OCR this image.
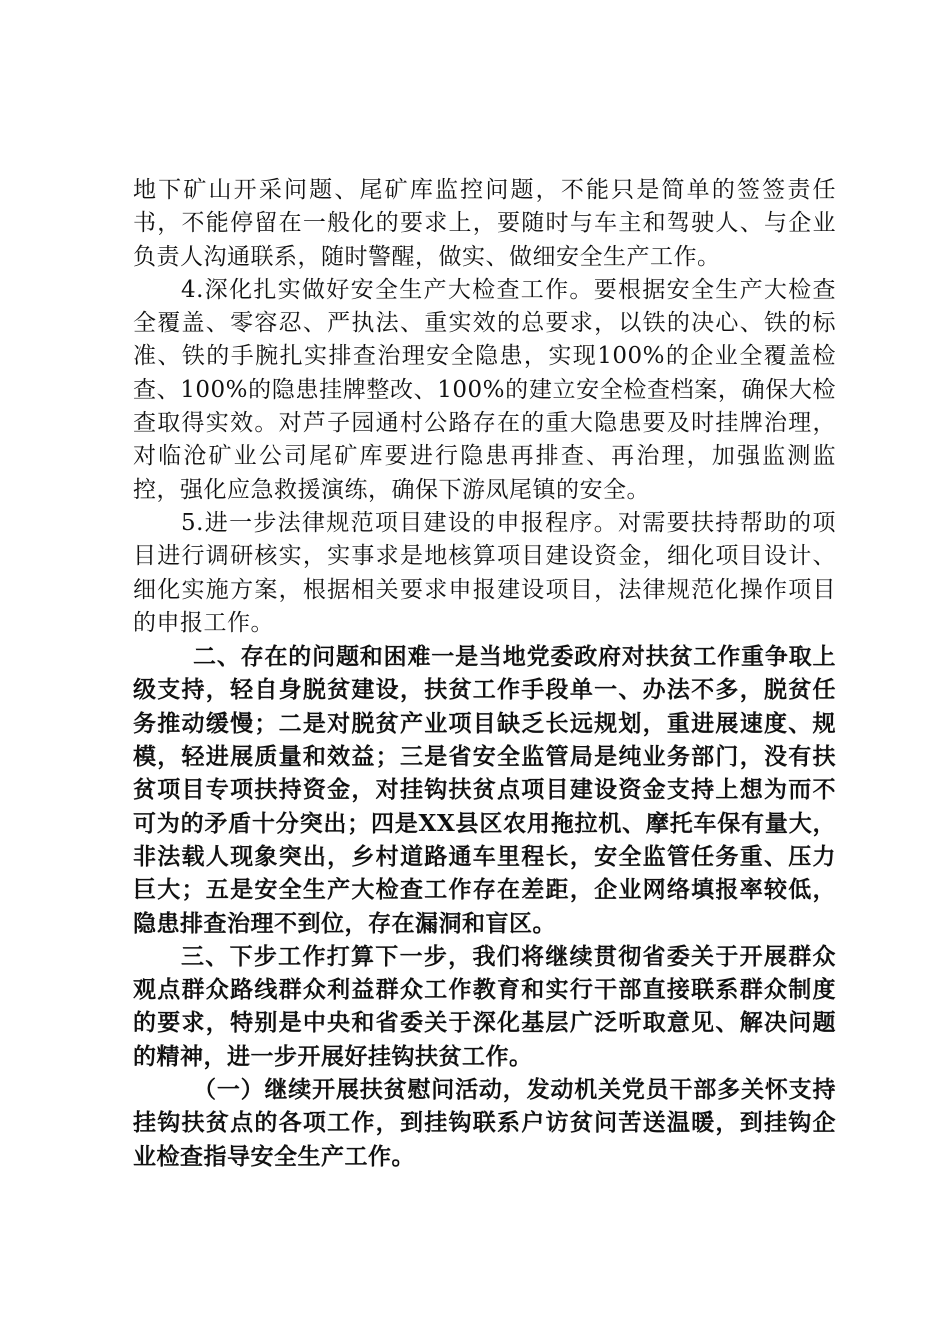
地下矿山开采问题、尾矿库监控问题，不能只是简单的签签责任书，不能停留在一般化的要求上，要随时与车主和驾驶人、与企业负责人沟通联系，随时警醒，做实、做细安全生产工作。

4.深化扎实做好安全生产大检查工作。要根据安全生产大检查全覆盖、零容忍、严执法、重实效的总要求，以铁的决心、铁的标准、铁的手腕扎实排查治理安全隐患，实现100%的企业全覆盖检查、100%的隐患挂牌整改、100%的建立安全检查档案，确保大检查取得实效。对芦子园通村公路存在的重大隐患要及时挂牌治理，对临沧矿业公司尾矿库要进行隐患再排查、再治理，加强监测监控，强化应急救援演练，确保下游凤尾镇的安全。

5.进一步法律规范项目建设的申报程序。对需要扶持帮助的项目进行调研核实，实事求是地核算项目建设资金，细化项目设计、细化实施方案，根据相关要求申报建设项目，法律规范化操作项目的申报工作。

二、存在的问题和困难一是当地党委政府对扶贫工作重争取上级支持，轻自身脱贫建设，扶贫工作手段单一、办法不多，脱贫任务推动缓慢；二是对脱贫产业项目缺乏长远规划，重进展速度、规模，轻进展质量和效益；三是省安全监管局是纯业务部门，没有扶贫项目专项扶持资金，对挂钩扶贫点项目建设资金支持上想为而不可为的矛盾十分突出；四是XX县区农用拖拉机、摩托车保有量大，非法载人现象突出，乡村道路通车里程长，安全监管任务重、压力巨大；五是安全生产大检查工作存在差距，企业网络填报率较低，隐患排查治理不到位，存在漏洞和盲区。

三、下步工作打算下一步，我们将继续贯彻省委关于开展群众观点群众路线群众利益群众工作教育和实行干部直接联系群众制度的要求，特别是中央和省委关于深化基层广泛听取意见、解决问题的精神，进一步开展好挂钩扶贫工作。

（一）继续开展扶贫慰问活动，发动机关党员干部多关怀支持挂钩扶贫点的各项工作，到挂钩联系户访贫问苦送温暖，到挂钩企业检查指导安全生产工作。
